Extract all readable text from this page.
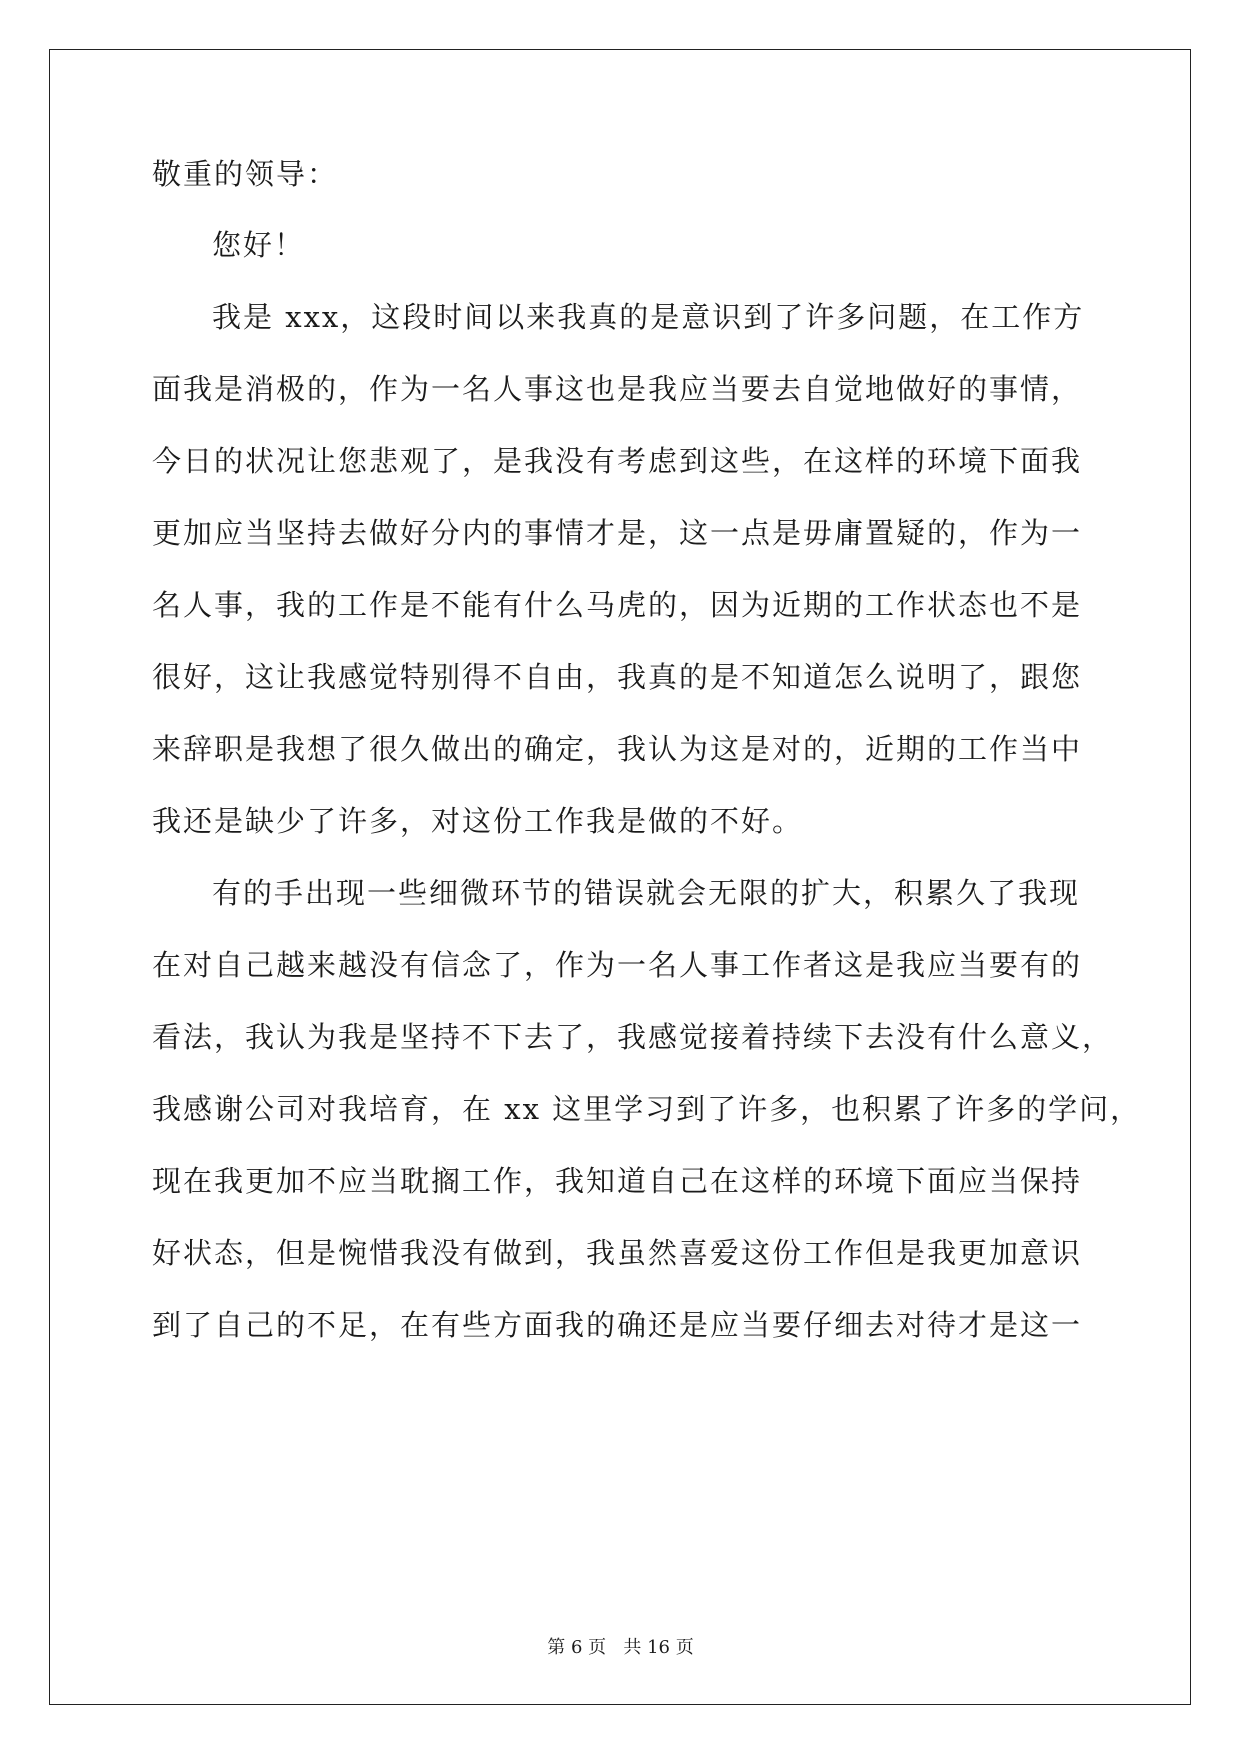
敬重的领导：
您好！
我是 xxx，这段时间以来我真的是意识到了许多问题，在工作方
面我是消极的，作为一名人事这也是我应当要去自觉地做好的事情，
今日的状况让您悲观了，是我没有考虑到这些，在这样的环境下面我
更加应当坚持去做好分内的事情才是，这一点是毋庸置疑的，作为一
名人事，我的工作是不能有什么马虎的，因为近期的工作状态也不是
很好，这让我感觉特别得不自由，我真的是不知道怎么说明了，跟您
来辞职是我想了很久做出的确定，我认为这是对的，近期的工作当中
我还是缺少了许多，对这份工作我是做的不好。
有的手出现一些细微环节的错误就会无限的扩大，积累久了我现
在对自己越来越没有信念了，作为一名人事工作者这是我应当要有的
看法，我认为我是坚持不下去了，我感觉接着持续下去没有什么意义，
我感谢公司对我培育，在 xx 这里学习到了许多，也积累了许多的学问，
现在我更加不应当耽搁工作，我知道自己在这样的环境下面应当保持
好状态，但是惋惜我没有做到，我虽然喜爱这份工作但是我更加意识
到了自己的不足，在有些方面我的确还是应当要仔细去对待才是这一
第 6 页   共 16 页
